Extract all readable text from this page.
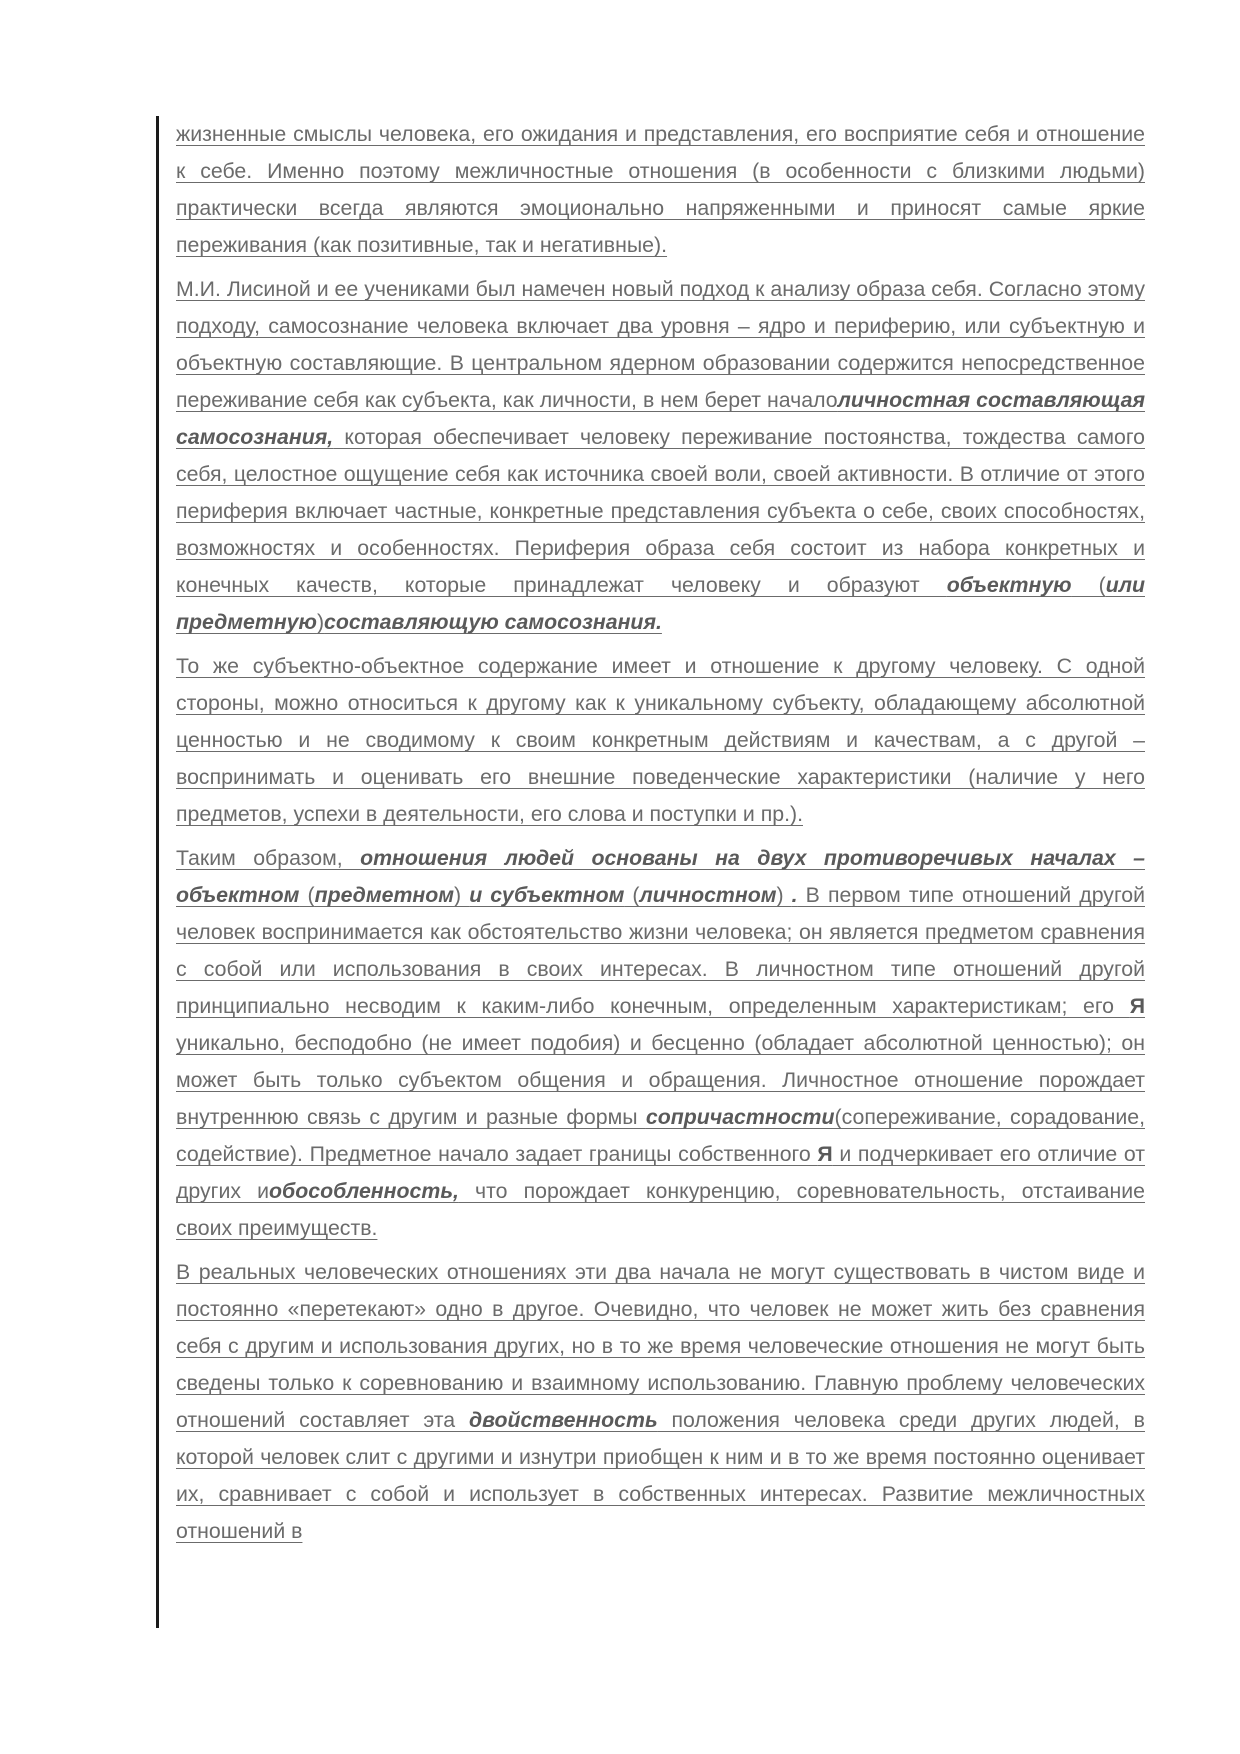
жизненные смыслы человека, его ожидания и представления, его восприятие себя и отношение к себе. Именно поэтому межличностные отношения (в особенности с близкими людьми) практически всегда являются эмоционально напряженными и приносят самые яркие переживания (как позитивные, так и негативные).

М.И. Лисиной и ее учениками был намечен новый подход к анализу образа себя. Согласно этому подходу, самосознание человека включает два уровня – ядро и периферию, или субъектную и объектную составляющие. В центральном ядерном образовании содержится непосредственное переживание себя как субъекта, как личности, в нем берет началоличностная составляющая самосознания, которая обеспечивает человеку переживание постоянства, тождества самого себя, целостное ощущение себя как источника своей воли, своей активности. В отличие от этого периферия включает частные, конкретные представления субъекта о себе, своих способностях, возможностях и особенностях. Периферия образа себя состоит из набора конкретных и конечных качеств, которые принадлежат человеку и образуют объектную (или предметную)составляющую самосознания.

То же субъектно-объектное содержание имеет и отношение к другому человеку. С одной стороны, можно относиться к другому как к уникальному субъекту, обладающему абсолютной ценностью и не сводимому к своим конкретным действиям и качествам, а с другой – воспринимать и оценивать его внешние поведенческие характеристики (наличие у него предметов, успехи в деятельности, его слова и поступки и пр.).

Таким образом, отношения людей основаны на двух противоречивых началах – объектном (предметном) и субъектном (личностном) . В первом типе отношений другой человек воспринимается как обстоятельство жизни человека; он является предметом сравнения с собой или использования в своих интересах. В личностном типе отношений другой принципиально несводим к каким-либо конечным, определенным характеристикам; его Я уникально, бесподобно (не имеет подобия) и бесценно (обладает абсолютной ценностью); он может быть только субъектом общения и обращения. Личностное отношение порождает внутреннюю связь с другим и разные формы сопричастности(сопереживание, сорадование, содействие). Предметное начало задает границы собственного Я и подчеркивает его отличие от других иобособленность, что порождает конкуренцию, соревновательность, отстаивание своих преимуществ.

В реальных человеческих отношениях эти два начала не могут существовать в чистом виде и постоянно «перетекают» одно в другое. Очевидно, что человек не может жить без сравнения себя с другим и использования других, но в то же время человеческие отношения не могут быть сведены только к соревнованию и взаимному использованию. Главную проблему человеческих отношений составляет эта двойственность положения человека среди других людей, в которой человек слит с другими и изнутри приобщен к ним и в то же время постоянно оценивает их, сравнивает с собой и использует в собственных интересах. Развитие межличностных отношений в
